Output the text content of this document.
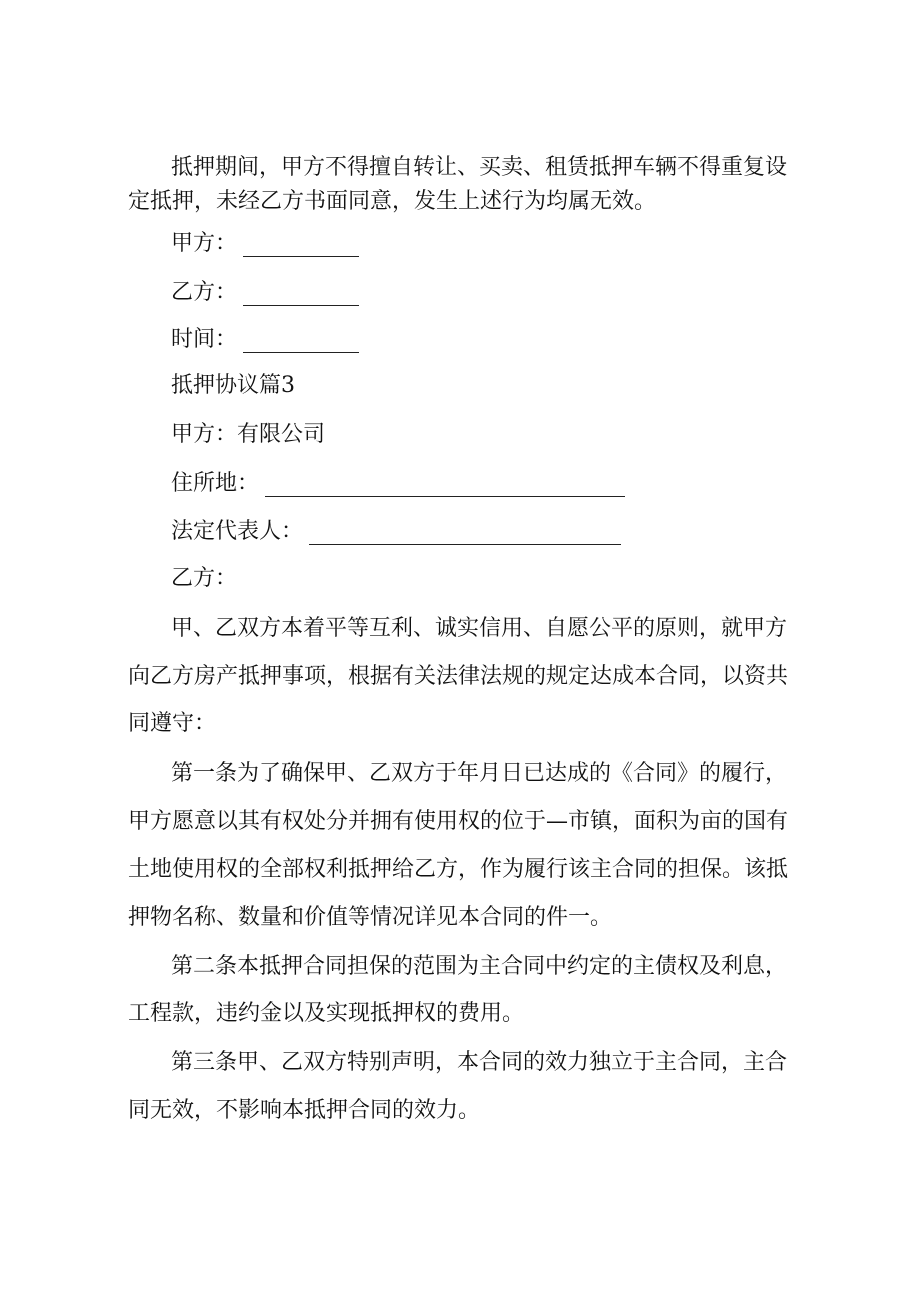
抵押期间，甲方不得擅自转让、买卖、租赁抵押车辆不得重复设

定抵押，未经乙方书面同意，发生上述行为均属无效。

甲方：
乙方：
时间：

抵押协议篇3

甲方：有限公司

住所地：
法定代表人：

乙方：

甲、乙双方本着平等互利、诚实信用、自愿公平的原则，就甲方

向乙方房产抵押事项，根据有关法律法规的规定达成本合同，以资共

同遵守：

第一条为了确保甲、乙双方于年月日已达成的《合同》的履行，

甲方愿意以其有权处分并拥有使用权的位于—市镇，面积为亩的国有

土地使用权的全部权利抵押给乙方，作为履行该主合同的担保。该抵

押物名称、数量和价值等情况详见本合同的件一。

第二条本抵押合同担保的范围为主合同中约定的主债权及利息，

工程款，违约金以及实现抵押权的费用。

第三条甲、乙双方特别声明，本合同的效力独立于主合同，主合

同无效，不影响本抵押合同的效力。
